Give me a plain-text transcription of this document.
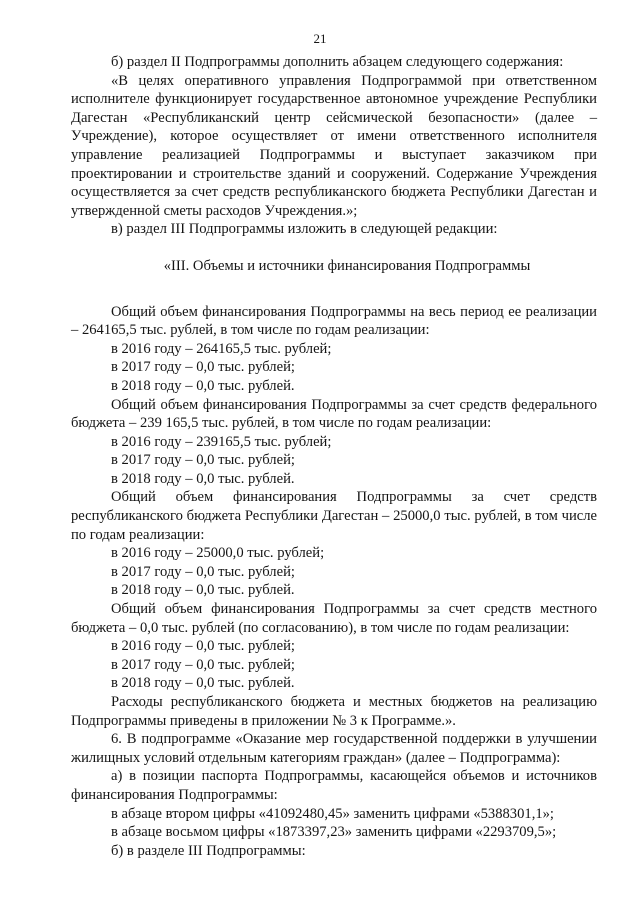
21

б) раздел II Подпрограммы дополнить абзацем следующего содержания:

«В целях оперативного управления Подпрограммой при ответственном исполнителе функционирует государственное автономное учреждение Республики Дагестан «Республиканский центр сейсмической безопасности» (далее – Учреждение), которое осуществляет от имени ответственного исполнителя управление реализацией Подпрограммы и выступает заказчиком при проектировании и строительстве зданий и сооружений. Содержание Учреждения осуществляется за счет средств республиканского бюджета Республики Дагестан и утвержденной сметы расходов Учреждения.»;

в) раздел III Подпрограммы изложить в следующей редакции:

«III. Объемы и источники финансирования Подпрограммы

Общий объем финансирования Подпрограммы на весь период ее реализации – 264165,5 тыс. рублей, в том числе по годам реализации:

в 2016 году – 264165,5 тыс. рублей;

в 2017 году – 0,0 тыс. рублей;

в 2018 году – 0,0 тыс. рублей.

Общий объем финансирования Подпрограммы за счет средств федерального бюджета – 239 165,5 тыс. рублей, в том числе по годам реализации:

в 2016 году – 239165,5 тыс. рублей;

в 2017 году – 0,0 тыс. рублей;

в 2018 году – 0,0 тыс. рублей.

Общий объем финансирования Подпрограммы за счет средств республиканского бюджета Республики Дагестан – 25000,0 тыс. рублей, в том числе по годам реализации:

в 2016 году – 25000,0 тыс. рублей;

в 2017 году – 0,0 тыс. рублей;

в 2018 году – 0,0 тыс. рублей.

Общий объем финансирования Подпрограммы за счет средств местного бюджета – 0,0 тыс. рублей (по согласованию), в том числе по годам реализации:

в 2016 году – 0,0 тыс. рублей;

в 2017 году – 0,0 тыс. рублей;

в 2018 году – 0,0 тыс. рублей.

Расходы республиканского бюджета и местных бюджетов на реализацию Подпрограммы приведены в приложении № 3 к Программе.».

6. В подпрограмме «Оказание мер государственной поддержки в улучшении жилищных условий отдельным категориям граждан» (далее – Подпрограмма):

а) в позиции паспорта Подпрограммы, касающейся объемов и источников финансирования Подпрограммы:

в абзаце втором цифры «41092480,45» заменить цифрами «5388301,1»;

в абзаце восьмом цифры «1873397,23» заменить цифрами «2293709,5»;

б) в разделе III Подпрограммы:
